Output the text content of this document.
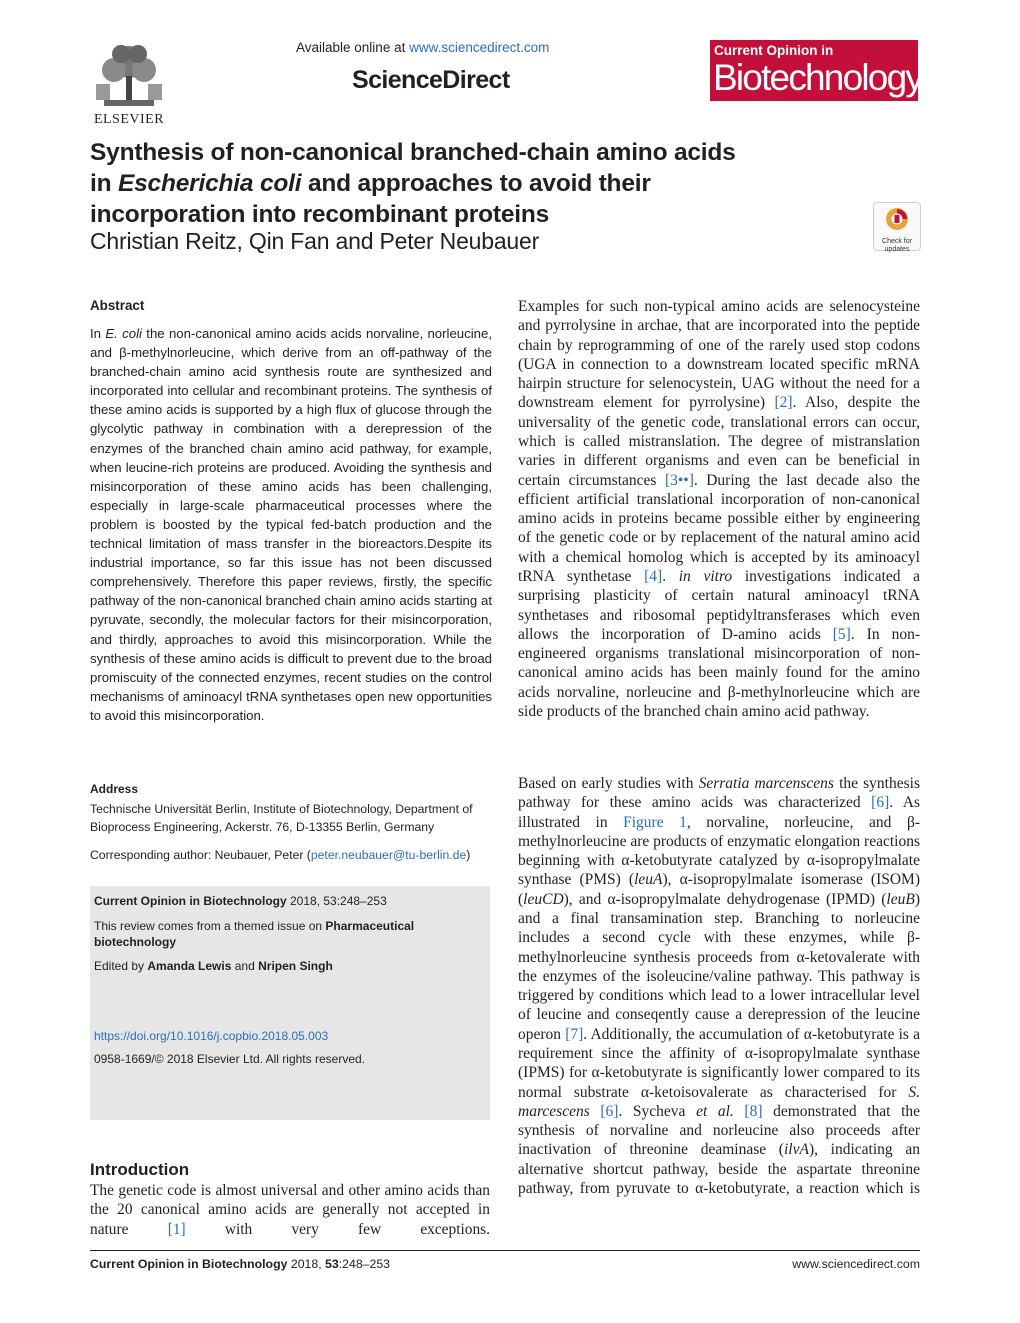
ELSEVIER
Available online at www.sciencedirect.com
ScienceDirect
Current Opinion in
Biotechnology
Synthesis of non-canonical branched-chain amino acids
in Escherichia coli and approaches to avoid their
incorporation into recombinant proteins
Christian Reitz, Qin Fan and Peter Neubauer	Check for updates
Abstract
In E. coli the non-canonical amino acids acids norvaline, norleucine, and β-methylnorleucine, which derive from an off-pathway of the branched-chain amino acid synthesis route are synthesized and incorporated into cellular and recombinant proteins. The synthesis of these amino acids is supported by a high flux of glucose through the glycolytic pathway in combination with a derepression of the enzymes of the branched chain amino acid pathway, for example, when leucine-rich proteins are produced. Avoiding the synthesis and misincorporation of these amino acids has been challenging, especially in large-scale pharmaceutical processes where the problem is boosted by the typical fed-batch production and the technical limitation of mass transfer in the bioreactors.Despite its industrial importance, so far this issue has not been discussed comprehensively. Therefore this paper reviews, firstly, the specific pathway of the non-canonical branched chain amino acids starting at pyruvate, secondly, the molecular factors for their misincorporation, and thirdly, approaches to avoid this misincorporation. While the synthesis of these amino acids is difficult to prevent due to the broad promiscuity of the connected enzymes, recent studies on the control mechanisms of aminoacyl tRNA synthetases open new opportunities to avoid this misincorporation.
Address
Technische Universität Berlin, Institute of Biotechnology, Department of
Bioprocess Engineering, Ackerstr. 76, D-13355 Berlin, Germany
Corresponding author: Neubauer, Peter (peter.neubauer@tu-berlin.de)
Current Opinion in Biotechnology 2018, 53:248–253
This review comes from a themed issue on Pharmaceutical biotechnology
Edited by Amanda Lewis and Nripen Singh
https://doi.org/10.1016/j.copbio.2018.05.003
0958-1669/© 2018 Elsevier Ltd. All rights reserved.
Introduction
The genetic code is almost universal and other amino acids than the 20 canonical amino acids are generally not accepted in nature [1] with very few exceptions.
Examples for such non-typical amino acids are selenocysteine and pyrrolysine in archae, that are incorporated into the peptide chain by reprogramming of one of the rarely used stop codons (UGA in connection to a downstream located specific mRNA hairpin structure for selenocystein, UAG without the need for a downstream element for pyrrolysine) [2]. Also, despite the universality of the genetic code, translational errors can occur, which is called mistranslation. The degree of mistranslation varies in different organisms and even can be beneficial in certain circumstances [3••]. During the last decade also the efficient artificial translational incorporation of non-canonical amino acids in proteins became possible either by engineering of the genetic code or by replacement of the natural amino acid with a chemical homolog which is accepted by its aminoacyl tRNA synthetase [4]. in vitro investigations indicated a surprising plasticity of certain natural aminoacyl tRNA synthetases and ribosomal peptidyltransferases which even allows the incorporation of D-amino acids [5]. In non-engineered organisms translational misincorporation of non-canonical amino acids has been mainly found for the amino acids norvaline, norleucine and β-methylnorleucine which are side products of the branched chain amino acid pathway.
Based on early studies with Serratia marcenscens the synthesis pathway for these amino acids was characterized [6]. As illustrated in Figure 1, norvaline, norleucine, and β-methylnorleucine are products of enzymatic elongation reactions beginning with α-ketobutyrate catalyzed by α-isopropylmalate synthase (PMS) (leuA), α-isopropylmalate isomerase (ISOM) (leuCD), and α-isopropylmalate dehydrogenase (IPMD) (leuB) and a final transamination step. Branching to norleucine includes a second cycle with these enzymes, while β-methylnorleucine synthesis proceeds from α-ketovalerate with the enzymes of the isoleucine/valine pathway. This pathway is triggered by conditions which lead to a lower intracellular level of leucine and conseqently cause a derepression of the leucine operon [7]. Additionally, the accumulation of α-ketobutyrate is a requirement since the affinity of α-isopropylmalate synthase (IPMS) for α-ketobutyrate is significantly lower compared to its normal substrate α-ketoisovalerate as characterised for S. marcescens [6]. Sycheva et al. [8] demonstrated that the synthesis of norvaline and norleucine also proceeds after inactivation of threonine deaminase (ilvA), indicating an alternative shortcut pathway, beside the aspartate threonine pathway, from pyruvate to α-ketobutyrate, a reaction which is
Current Opinion in Biotechnology 2018, 53:248–253	www.sciencedirect.com
